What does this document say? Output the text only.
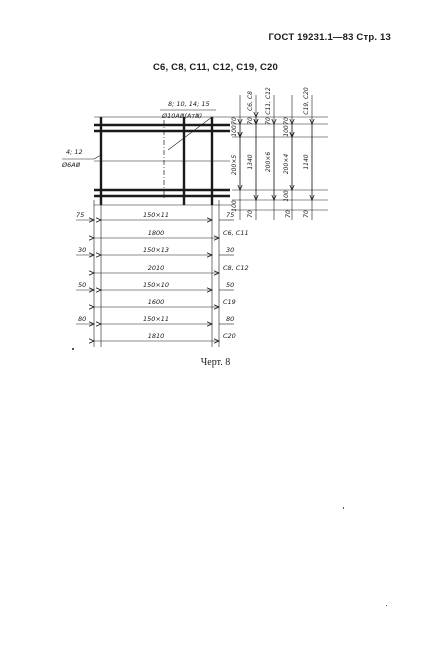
ГОСТ 19231.1—83 Стр. 13
С6, С8, С11, С12, С19, С20
8; 10, 14; 15
Ø10АⅢ(АтⅢ)
4; 12
Ø6АⅢ
70
100
200×5
100
С6, С8
70
С11, С12
70
1340 200×6
70
С19, С20
70
100
200×4 1140
100
70
70
75	150×11	75
1800	С6, С11
30	150×13	30
2010	С8, С12
50	150×10	50
1600	С19
80	150×11	80
1810	С20
Черт. 8
